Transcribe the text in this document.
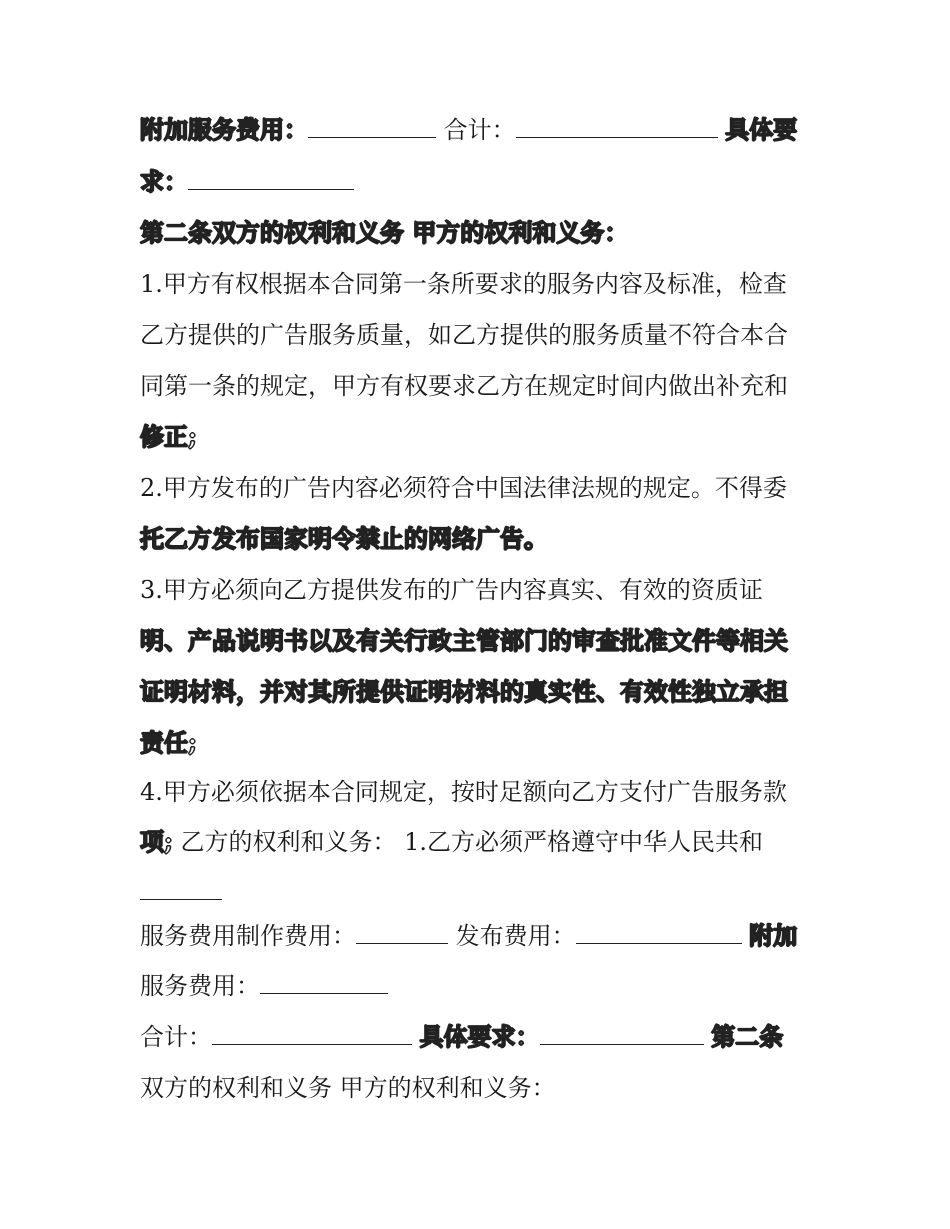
附加服务费用：	合计：	具体要
求：
第二条双方的权利和义务 甲方的权利和义务：
1.甲方有权根据本合同第一条所要求的服务内容及标准，检查
乙方提供的广告服务质量，如乙方提供的服务质量不符合本合
同第一条的规定，甲方有权要求乙方在规定时间内做出补充和
修正;
2.甲方发布的广告内容必须符合中国法律法规的规定。不得委
托乙方发布国家明令禁止的网络广告。
3.甲方必须向乙方提供发布的广告内容真实、有效的资质证
明、产品说明书以及有关行政主管部门的审查批准文件等相关
证明材料，并对其所提供证明材料的真实性、有效性独立承担
责任;
4.甲方必须依据本合同规定，按时足额向乙方支付广告服务款
项; 乙方的权利和义务： 1.乙方必须严格遵守中华人民共和
服务费用制作费用：	发布费用：	附加
服务费用：
合计：	具体要求：	第二条
双方的权利和义务 甲方的权利和义务：
